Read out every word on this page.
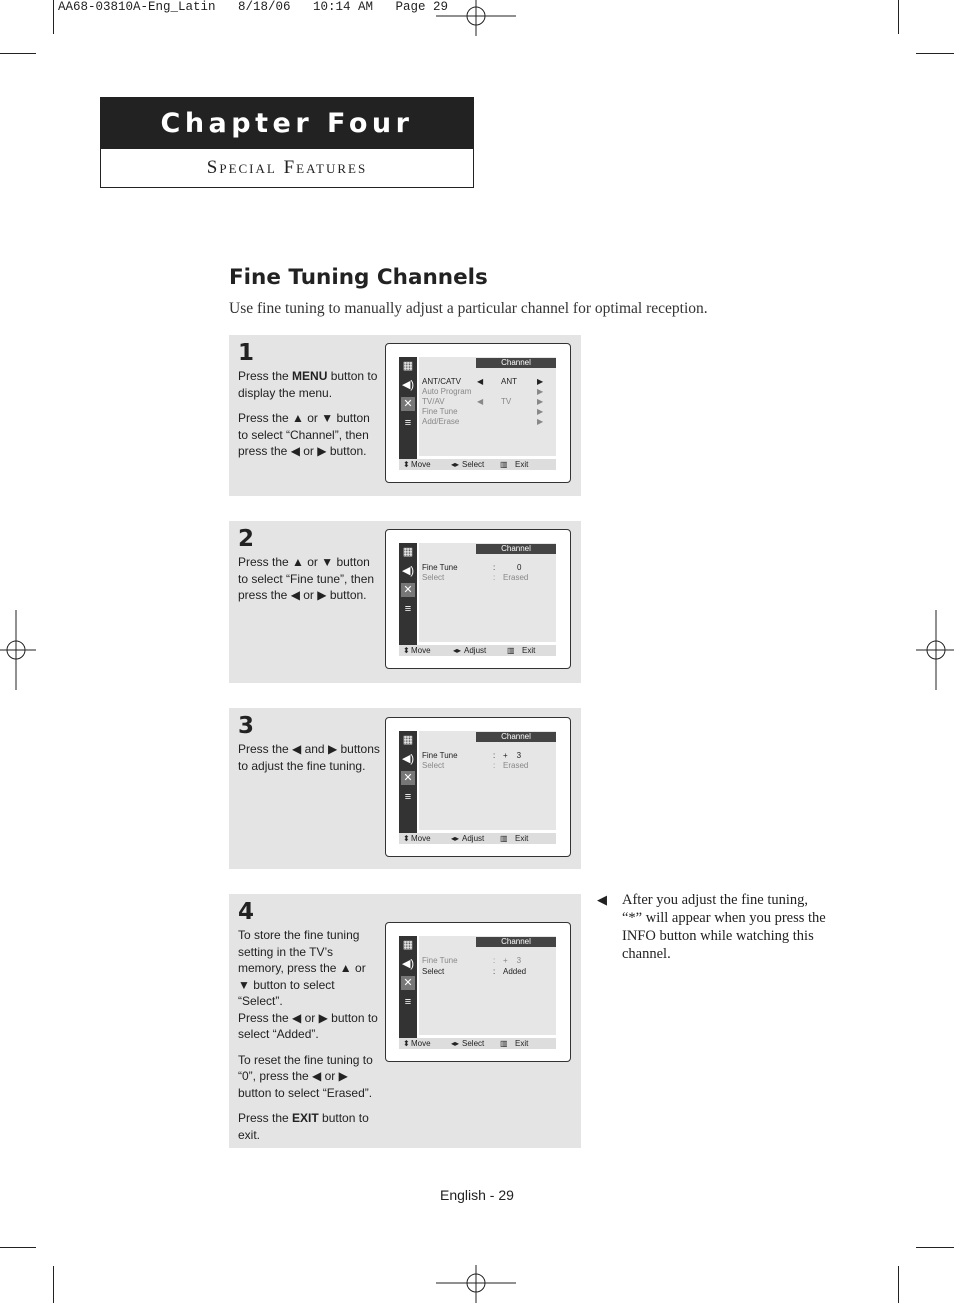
AA68-03810A-Eng_Latin   8/18/06   10:14 AM   Page 29
Chapter Four
Special Features
Fine Tuning Channels
Use fine tuning to manually adjust a particular channel for optimal reception.
1

Press the MENU button to display the menu.

Press the ▲ or ▼ button to select “Channel”, then press the ◀ or ▶ button.

▦
◀)
✕
≡
Channel
ANT/CATV ◀ ANT	▶
Auto Program	▶
TV/AV	◀ TV	▶
Fine Tune	▶
Add/Erase	▶
⬍ Move	◂▸ Select ▥ Exit
2

Press the ▲ or ▼ button to select “Fine tune”, then press the ◀ or ▶ button.

▦
◀)
✕
≡
Channel
Fine Tune	:	0
Select	: Erased
⬍ Move	◂▸ Adjust	▥ Exit
3

Press the ◀ and ▶ buttons to adjust the fine tuning.

▦
◀)
✕
≡
Channel
Fine Tune	: +    3
Select	: Erased
⬍ Move	◂▸ Adjust ▥ Exit
4

To store the fine tuning setting in the TV’s memory, press the ▲ or ▼ button to select “Select”.

Press the ◀ or ▶ button to select “Added”.

To reset the fine tuning to “0”, press the ◀ or ▶ button to select “Erased”.

Press the EXIT button to exit.

▦
◀)
✕
≡
Channel
Fine Tune	: +    3
Select	: Added
⬍ Move	◂▸ Select ▥ Exit
◀ After you adjust the fine tuning, “*” will appear when you press the INFO button while watching this channel.
English - 29
